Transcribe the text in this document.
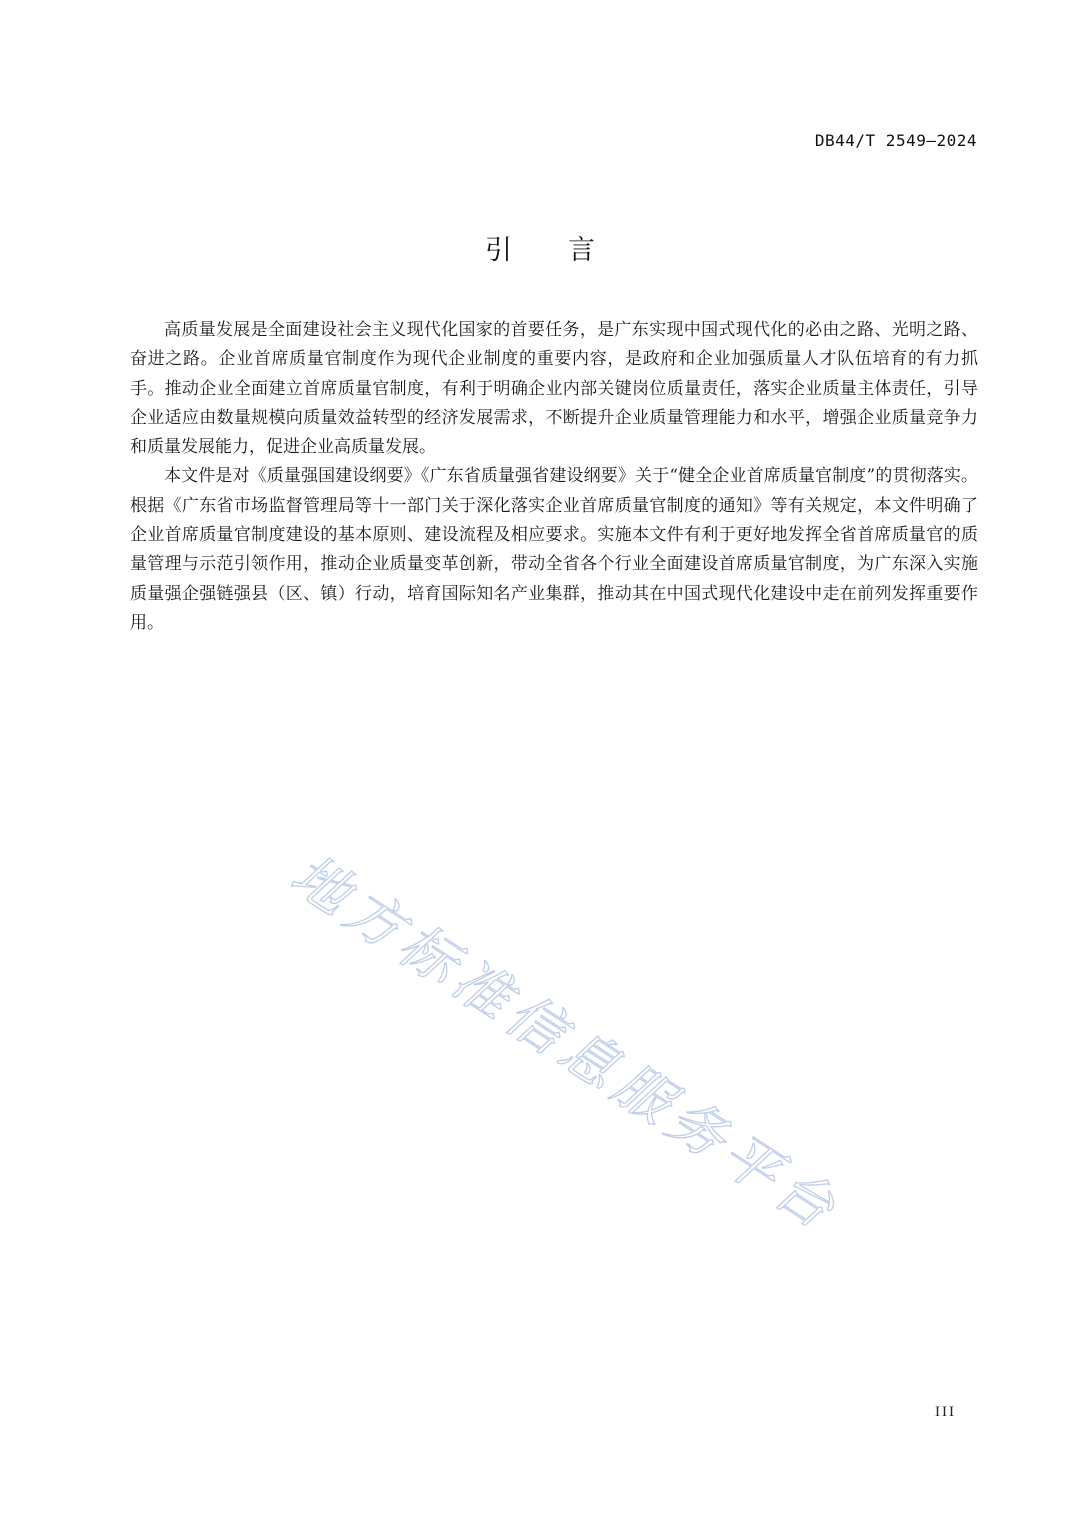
DB44/T 2549—2024
引言

高质量发展是全面建设社会主义现代化国家的首要任务，是广东实现中国式现代化的必由之路、光明之路、奋进之路。企业首席质量官制度作为现代企业制度的重要内容，是政府和企业加强质量人才队伍培育的有力抓手。推动企业全面建立首席质量官制度，有利于明确企业内部关键岗位质量责任，落实企业质量主体责任，引导企业适应由数量规模向质量效益转型的经济发展需求，不断提升企业质量管理能力和水平，增强企业质量竞争力和质量发展能力，促进企业高质量发展。

本文件是对《质量强国建设纲要》《广东省质量强省建设纲要》关于“健全企业首席质量官制度”的贯彻落实。根据《广东省市场监督管理局等十一部门关于深化落实企业首席质量官制度的通知》等有关规定，本文件明确了企业首席质量官制度建设的基本原则、建设流程及相应要求。实施本文件有利于更好地发挥全省首席质量官的质量管理与示范引领作用，推动企业质量变革创新，带动全省各个行业全面建设首席质量官制度，为广东深入实施质量强企强链强县（区、镇）行动，培育国际知名产业集群，推动其在中国式现代化建设中走在前列发挥重要作用。

地方标准信息服务平台
III
